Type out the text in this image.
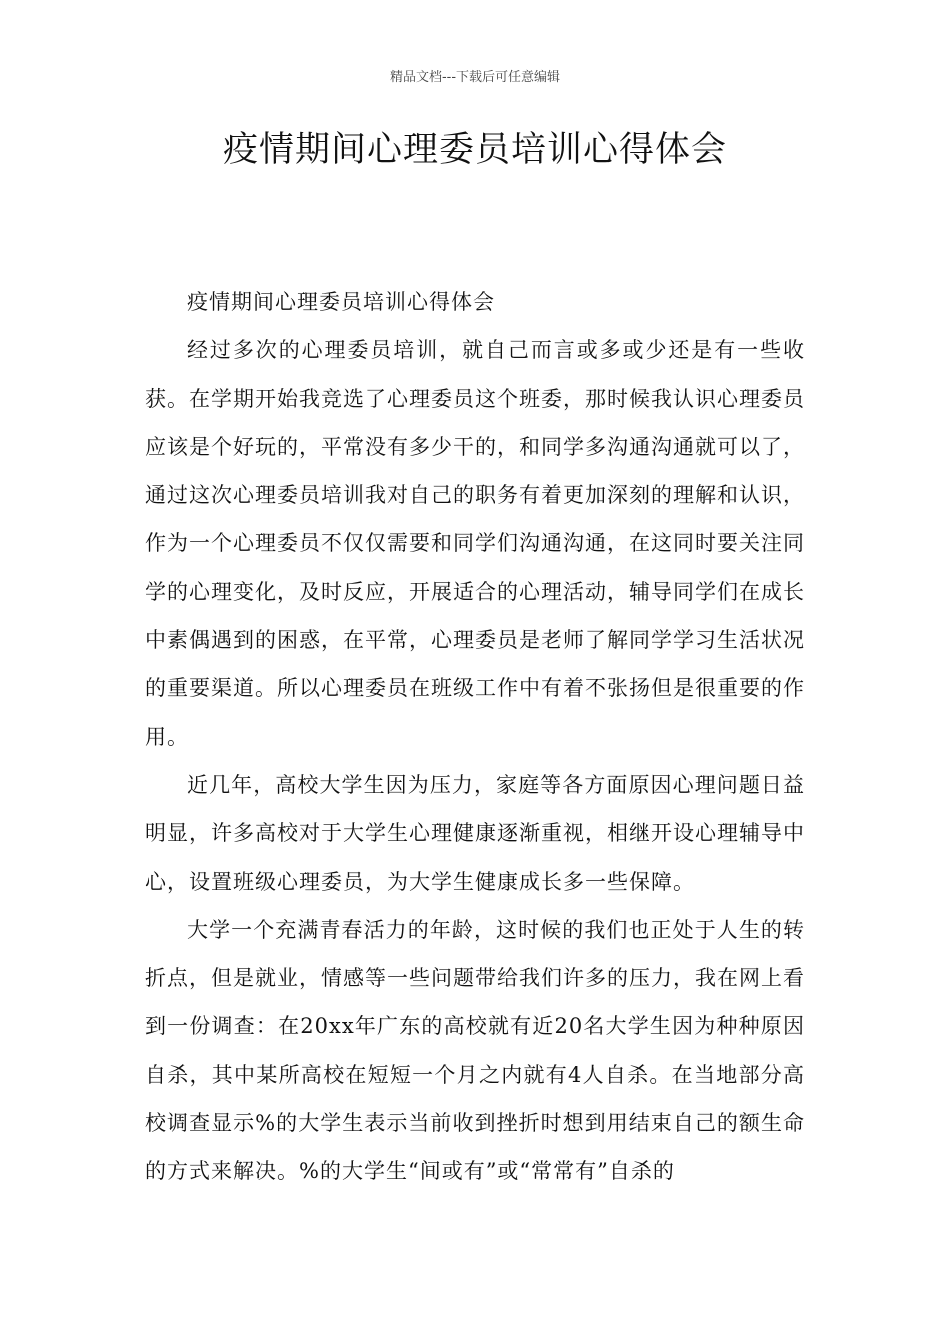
精品文档---下载后可任意编辑
疫情期间心理委员培训心得体会

疫情期间心理委员培训心得体会

经过多次的心理委员培训，就自己而言或多或少还是有一些收获。在学期开始我竞选了心理委员这个班委，那时候我认识心理委员应该是个好玩的，平常没有多少干的，和同学多沟通沟通就可以了，通过这次心理委员培训我对自己的职务有着更加深刻的理解和认识，作为一个心理委员不仅仅需要和同学们沟通沟通，在这同时要关注同学的心理变化，及时反应，开展适合的心理活动，辅导同学们在成长中素偶遇到的困惑，在平常，心理委员是老师了解同学学习生活状况的重要渠道。所以心理委员在班级工作中有着不张扬但是很重要的作用。

近几年，高校大学生因为压力，家庭等各方面原因心理问题日益明显，许多高校对于大学生心理健康逐渐重视，相继开设心理辅导中心，设置班级心理委员，为大学生健康成长多一些保障。

大学一个充满青春活力的年龄，这时候的我们也正处于人生的转折点，但是就业，情感等一些问题带给我们许多的压力，我在网上看到一份调查：在20xx年广东的高校就有近20名大学生因为种种原因自杀，其中某所高校在短短一个月之内就有4人自杀。在当地部分高校调查显示%的大学生表示当前收到挫折时想到用结束自己的额生命的方式来解决。%的大学生“间或有”或“常常有”自杀的
